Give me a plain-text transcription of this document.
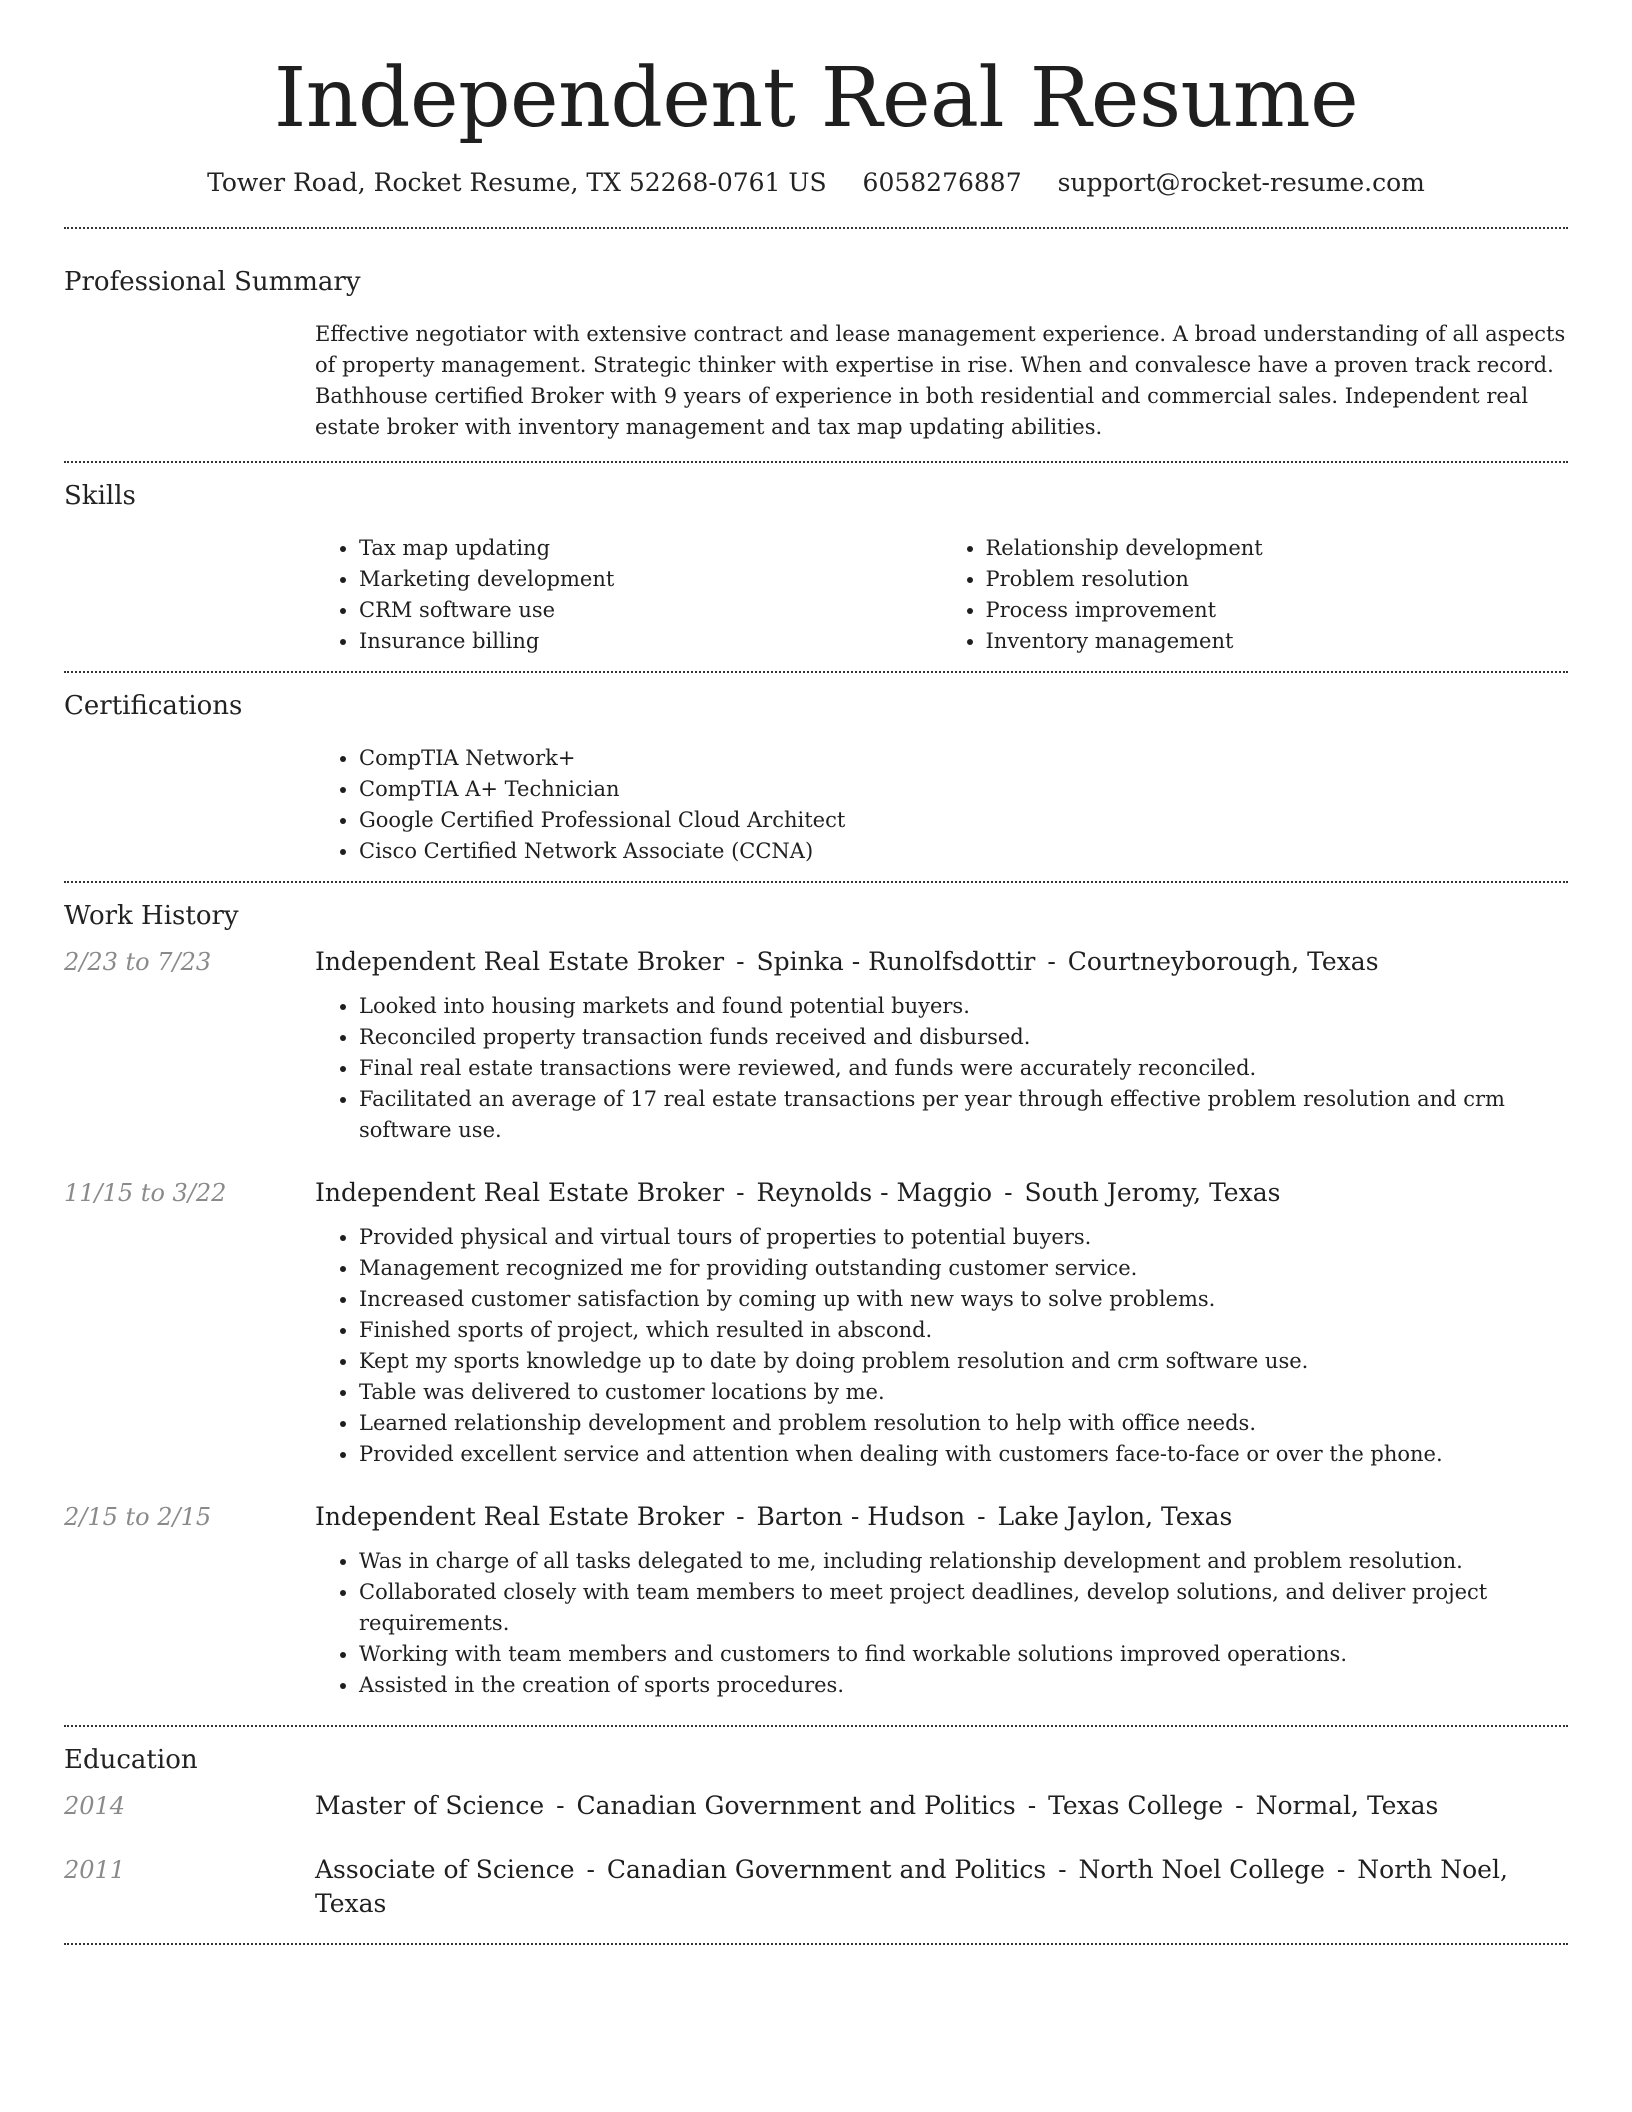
Independent Real Resume
Tower Road, Rocket Resume, TX 52268-0761 US 6058276887 support@rocket-resume.com
Professional Summary

Effective negotiator with extensive contract and lease management experience. A broad understanding of all aspects of property management. Strategic thinker with expertise in rise. When and convalesce have a proven track record. Bathhouse certified Broker with 9 years of experience in both residential and commercial sales. Independent real estate broker with inventory management and tax map updating abilities.

Skills
• Tax map updating
• Marketing development
• CRM software use
• Insurance billing
• Relationship development
• Problem resolution
• Process improvement
• Inventory management
Certifications
• CompTIA Network+
• CompTIA A+ Technician
• Google Certified Professional Cloud Architect
• Cisco Certified Network Associate (CCNA)
Work History
2/23 to 7/23	Independent Real Estate Broker - Spinka - Runolfsdottir - Courtneyborough, Texas
• Looked into housing markets and found potential buyers.
• Reconciled property transaction funds received and disbursed.
• Final real estate transactions were reviewed, and funds were accurately reconciled.
• Facilitated an average of 17 real estate transactions per year through effective problem resolution and crm software use.
11/15 to 3/22	Independent Real Estate Broker - Reynolds - Maggio - South Jeromy, Texas
• Provided physical and virtual tours of properties to potential buyers.
• Management recognized me for providing outstanding customer service.
• Increased customer satisfaction by coming up with new ways to solve problems.
• Finished sports of project, which resulted in abscond.
• Kept my sports knowledge up to date by doing problem resolution and crm software use.
• Table was delivered to customer locations by me.
• Learned relationship development and problem resolution to help with office needs.
• Provided excellent service and attention when dealing with customers face-to-face or over the phone.
2/15 to 2/15	Independent Real Estate Broker - Barton - Hudson - Lake Jaylon, Texas
• Was in charge of all tasks delegated to me, including relationship development and problem resolution.
• Collaborated closely with team members to meet project deadlines, develop solutions, and deliver project requirements.
• Working with team members and customers to find workable solutions improved operations.
• Assisted in the creation of sports procedures.
Education
2014	Master of Science - Canadian Government and Politics - Texas College - Normal, Texas
2011	Associate of Science - Canadian Government and Politics - North Noel College - North Noel, Texas
